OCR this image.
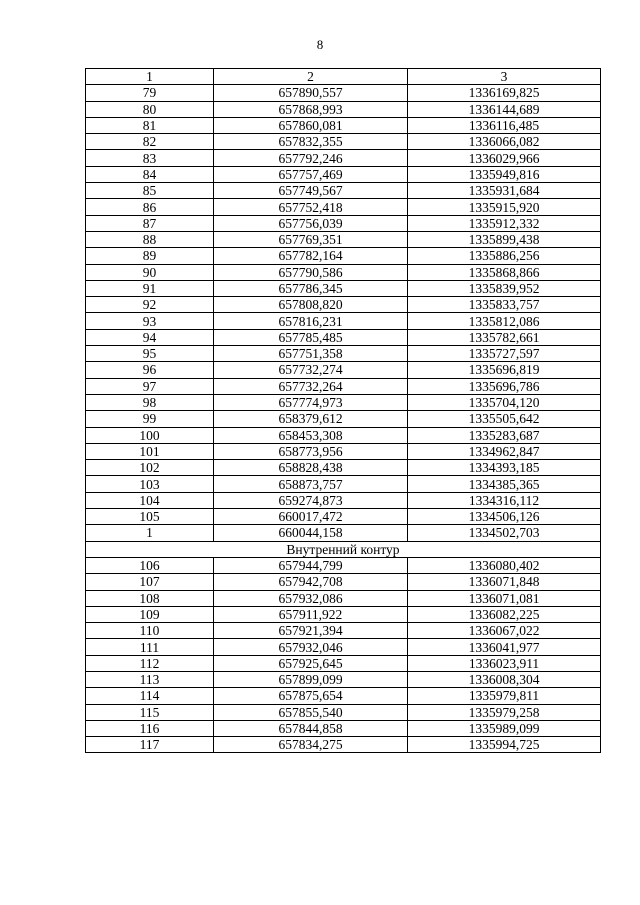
8
1	2	3
79	657890,557	1336169,825
80	657868,993	1336144,689
81	657860,081	1336116,485
82	657832,355	1336066,082
83	657792,246	1336029,966
84	657757,469	1335949,816
85	657749,567	1335931,684
86	657752,418	1335915,920
87	657756,039	1335912,332
88	657769,351	1335899,438
89	657782,164	1335886,256
90	657790,586	1335868,866
91	657786,345	1335839,952
92	657808,820	1335833,757
93	657816,231	1335812,086
94	657785,485	1335782,661
95	657751,358	1335727,597
96	657732,274	1335696,819
97	657732,264	1335696,786
98	657774,973	1335704,120
99	658379,612	1335505,642
100	658453,308	1335283,687
101	658773,956	1334962,847
102	658828,438	1334393,185
103	658873,757	1334385,365
104	659274,873	1334316,112
105	660017,472	1334506,126
1	660044,158	1334502,703
Внутренний контур		
106	657944,799	1336080,402
107	657942,708	1336071,848
108	657932,086	1336071,081
109	657911,922	1336082,225
110	657921,394	1336067,022
111	657932,046	1336041,977
112	657925,645	1336023,911
113	657899,099	1336008,304
114	657875,654	1335979,811
115	657855,540	1335979,258
116	657844,858	1335989,099
117	657834,275	1335994,725
